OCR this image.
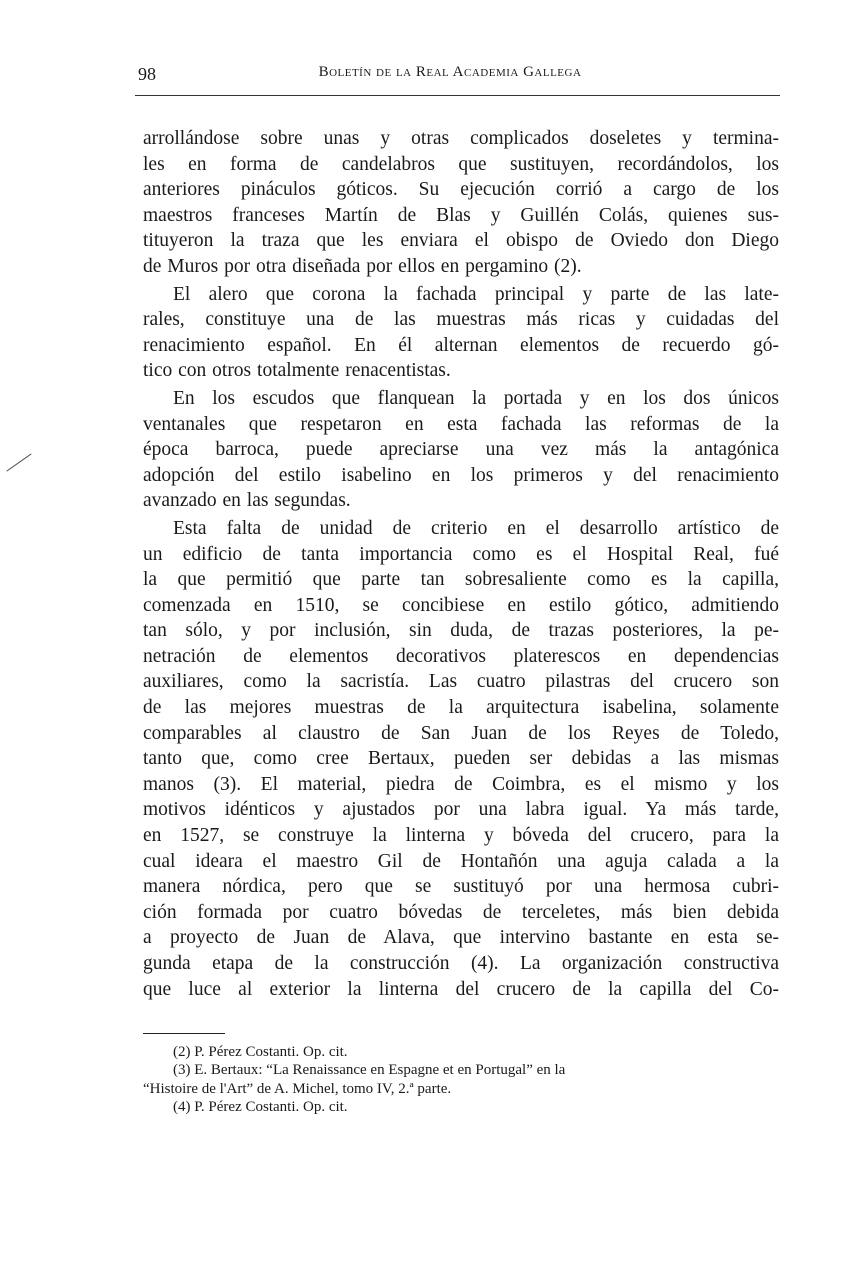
98	Boletín de la Real Academia Gallega
arrollándose sobre unas y otras complicados doseletes y termina-
les en forma de candelabros que sustituyen, recordándolos, los
anteriores pináculos góticos. Su ejecución corrió a cargo de los
maestros franceses Martín de Blas y Guillén Colás, quienes sus-
tituyeron la traza que les enviara el obispo de Oviedo don Diego
de Muros por otra diseñada por ellos en pergamino (2).
El alero que corona la fachada principal y parte de las late-
rales, constituye una de las muestras más ricas y cuidadas del
renacimiento español. En él alternan elementos de recuerdo gó-
tico con otros totalmente renacentistas.
En los escudos que flanquean la portada y en los dos únicos
ventanales que respetaron en esta fachada las reformas de la
época barroca, puede apreciarse una vez más la antagónica
adopción del estilo isabelino en los primeros y del renacimiento
avanzado en las segundas.
Esta falta de unidad de criterio en el desarrollo artístico de
un edificio de tanta importancia como es el Hospital Real, fué
la que permitió que parte tan sobresaliente como es la capilla,
comenzada en 1510, se concibiese en estilo gótico, admitiendo
tan sólo, y por inclusión, sin duda, de trazas posteriores, la pe-
netración de elementos decorativos platerescos en dependencias
auxiliares, como la sacristía. Las cuatro pilastras del crucero son
de las mejores muestras de la arquitectura isabelina, solamente
comparables al claustro de San Juan de los Reyes de Toledo,
tanto que, como cree Bertaux, pueden ser debidas a las mismas
manos (3). El material, piedra de Coimbra, es el mismo y los
motivos idénticos y ajustados por una labra igual. Ya más tarde,
en 1527, se construye la linterna y bóveda del crucero, para la
cual ideara el maestro Gil de Hontañón una aguja calada a la
manera nórdica, pero que se sustituyó por una hermosa cubri-
ción formada por cuatro bóvedas de terceletes, más bien debida
a proyecto de Juan de Alava, que intervino bastante en esta se-
gunda etapa de la construcción (4). La organización constructiva
que luce al exterior la linterna del crucero de la capilla del Co-
(2) P. Pérez Costanti. Op. cit.
(3) E. Bertaux: “La Renaissance en Espagne et en Portugal” en la
“Histoire de l'Art” de A. Michel, tomo IV, 2.ª parte.
(4) P. Pérez Costanti. Op. cit.
